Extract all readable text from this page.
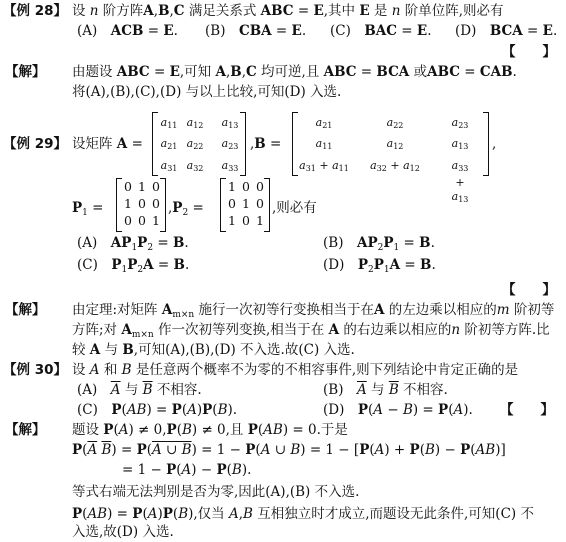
【例 28】 设 n 阶方阵A,B,C 满足关系式 ABC = E,其中 E 是 n 阶单位阵,则必有
(A)　ACB = E. (B)　CBA = E. (C)　BAC = E. (D)　BCA = E.
【　　】
【解】 由题设 ABC = E,可知 A,B,C 均可逆,且 ABC = BCA 或ABC = CAB.
将(A),(B),(C),(D) 与以上比较,可知(D) 入选.
【例 29】 设矩阵 A =
$a_{11}$ $a_{12}$ $a_{13}$
$a_{21}$ $a_{22}$ $a_{23}$
$a_{31}$ $a_{32}$ $a_{33}$
,B =
$a_{21}$	$a_{22}$	$a_{23}$
$a_{11}$	$a_{12}$	$a_{13}$
$a_{31} + a_{11}$ $a_{32} + a_{12}$	$a_{33} + a_{13}$
,
$P_1$ =
0 1 0
1 0 0
0 0 1
$,P_2$ =
1 0 0
0 1 0
1 0 1
,则必有
(A)　$AP_1P_2 = B$.	(B)　$AP_2P_1 = B$.
(C)　$P_1P_2A = B$.	(D)　$P_2P_1A = B$.
【　　】
【解】 由定理:对矩阵 $A_{m\times n}$ 施行一次初等行变换相当于在A 的左边乘以相应的m 阶初等
方阵;对 $A_{m\times n}$ 作一次初等列变换,相当于在 A 的右边乘以相应的n 阶初等方阵.比
较 A 与 B,可知(A),(B),(D) 不入选.故(C) 入选.
【例 30】 设 A 和 B 是任意两个概率不为零的不相容事件,则下列结论中肯定正确的是
(A)　$\overline{A}$ 与 $\overline{B}$ 不相容.	(B)　$\overline{A}$ 与 $\overline{B}$ 不相容.
(C)　P(AB) = P(A)P(B).	(D)　P(A − B) = P(A). 【　　】
【解】 题设 P(A) ≠ 0,P(B) ≠ 0,且 P(AB) = 0.于是
$P(\overline{A}$ $\overline{B}) = P(A$ ∪ B) = 1 − P(A ∪ B) = 1 − [P(A) + P(B) − P(AB)]
= 1 − P(A) − P(B).
等式右端无法判别是否为零,因此(A),(B) 不入选.
P(AB) = P(A)P(B),仅当 A,B 互相独立时才成立,而题设无此条件,可知(C) 不
入选,故(D) 入选.
